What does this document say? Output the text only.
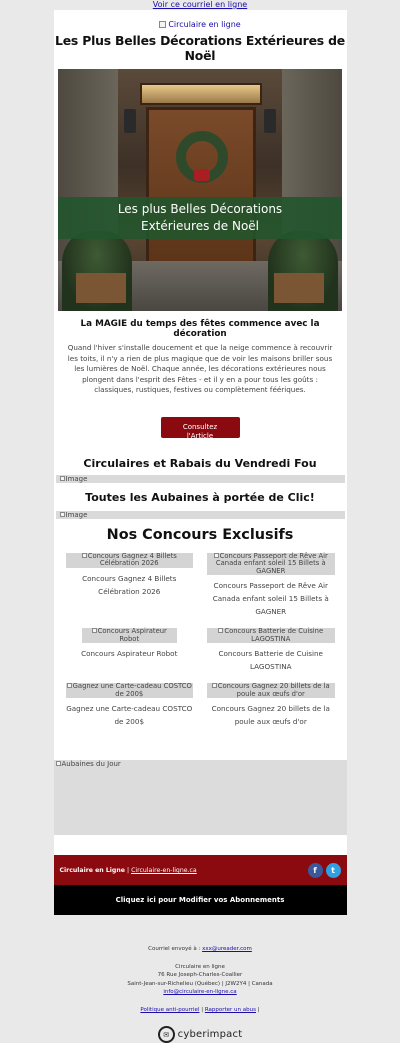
Voir ce courriel en ligne
Circulaire en ligne
Les Plus Belles Décorations Extérieures de Noël
Les plus Belles Décorations
Extérieures de Noël
La MAGIE du temps des fêtes commence avec la décoration
Quand l'hiver s'installe doucement et que la neige commence à recouvrir les toits, il n'y a rien de plus magique que de voir les maisons briller sous les lumières de Noël. Chaque année, les décorations extérieures nous plongent dans l'esprit des Fêtes - et il y en a pour tous les goûts : classiques, rustiques, festives ou complètement féériques.
Consultez l'Article
Circulaires et Rabais du Vendredi Fou
Image
Toutes les Aubaines à portée de Clic!
Image
Nos Concours Exclusifs
Concours Gagnez 4 Billets Célébration 2026
Concours Gagnez 4 Billets Célébration 2026
Concours Passeport de Rêve Air Canada enfant soleil 15 Billets à GAGNER
Concours Passeport de Rêve Air Canada enfant soleil 15 Billets à GAGNER
Concours Aspirateur Robot
Concours Aspirateur Robot
Concours Batterie de Cuisine LAGOSTINA
Concours Batterie de Cuisine LAGOSTINA
Gagnez une Carte-cadeau COSTCO de 200$
Gagnez une Carte-cadeau COSTCO de 200$
Concours Gagnez 20 billets de la poule aux œufs d'or
Concours Gagnez 20 billets de la poule aux œufs d'or
Aubaines du Jour
Circulaire en Ligne | Circulaire-en-ligne.ca	f	t
Cliquez ici pour Modifier vos Abonnements
Courriel envoyé à : xxx@ureader.com
Circulaire en ligne
76 Rue Joseph-Charles-Coallier
Saint-Jean-sur-Richelieu (Québec) | J2W2Y4 | Canada
info@circulaire-en-ligne.ca
Politique anti-pourriel | Rapporter un abus |
✉ cyberimpact
